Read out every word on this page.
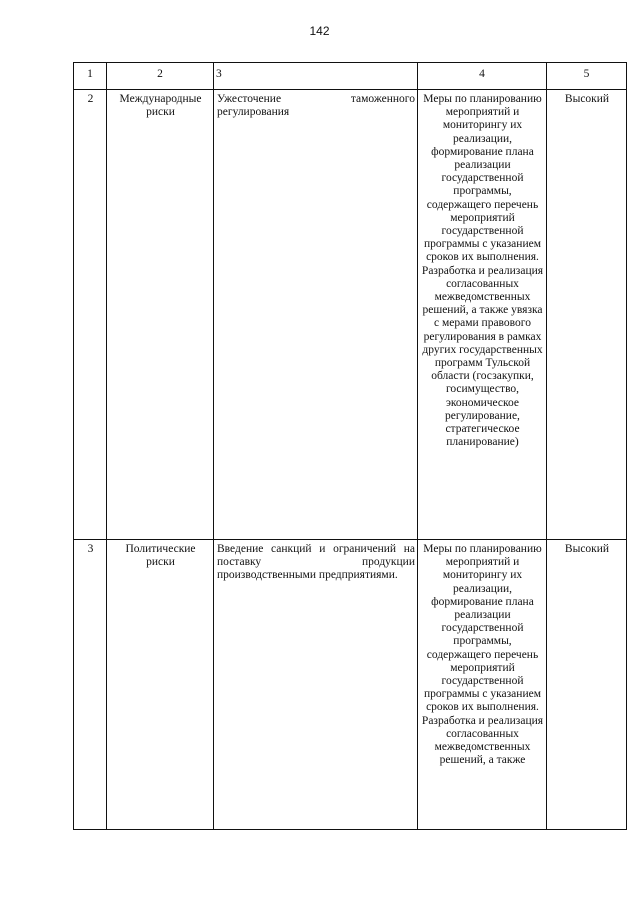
142
1	2	3	4	5
2	Международные риски	Ужесточение таможенного регулирования	Меры по планированию мероприятий и мониторингу их реализации, формирование плана реализации государственной программы, содержащего перечень мероприятий государственной программы с указанием сроков их выполнения. Разработка и реализация согласованных межведомственных решений, а также увязка с мерами правового регулирования в рамках других государственных программ Тульской области (госзакупки, госимущество, экономическое регулирование, стратегическое планирование)	Высокий
3	Политические риски	Введение санкций и ограничений на поставку продукции производственными предприятиями.	Меры по планированию мероприятий и мониторингу их реализации, формирование плана реализации государственной программы, содержащего перечень мероприятий государственной программы с указанием сроков их выполнения. Разработка и реализация согласованных межведомственных решений, а также	Высокий
